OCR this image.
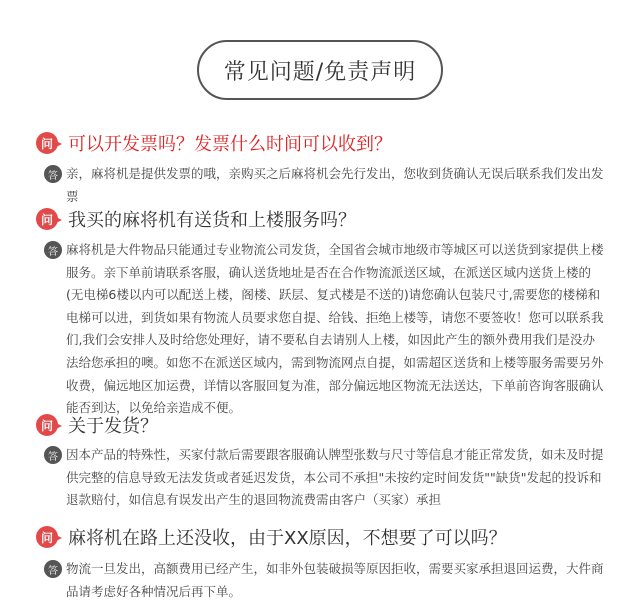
常见问题/免责声明
问 可以开发票吗？发票什么时间可以收到？
答 亲，麻将机是提供发票的哦，亲购买之后麻将机会先行发出，您收到货确认无误后联系我们发出发票
问 我买的麻将机有送货和上楼服务吗？
答 麻将机是大件物品只能通过专业物流公司发货，全国省会城市地级市等城区可以送货到家提供上楼服务。亲下单前请联系客服，确认送货地址是否在合作物流派送区域，在派送区域内送货上楼的(无电梯6楼以内可以配送上楼，阁楼、跃层、复式楼是不送的)请您确认包装尺寸,需要您的楼梯和电梯可以进，到货如果有物流人员要求您自提、给钱、拒绝上楼等，请您不要签收！您可以联系我们,我们会安排人及时给您处理好，请不要私自去请别人上楼，如因此产生的额外费用我们是没办法给您承担的噢。如您不在派送区域内，需到物流网点自提，如需超区送货和上楼等服务需要另外收费，偏远地区加运费，详情以客服回复为准，部分偏远地区物流无法送达，下单前咨询客服确认能否到达，以免给亲造成不便。
问 关于发货？
答 因本产品的特殊性，买家付款后需要跟客服确认牌型张数与尺寸等信息才能正常发货，如未及时提供完整的信息导致无法发货或者延迟发货，本公司不承担"未按约定时间发货""缺货"发起的投诉和退款赔付，如信息有误发出产生的退回物流费需由客户（买家）承担
问 麻将机在路上还没收，由于XX原因，不想要了可以吗？
答 物流一旦发出，高额费用已经产生，如非外包装破损等原因拒收，需要买家承担退回运费，大件商品请考虑好各种情况后再下单。
